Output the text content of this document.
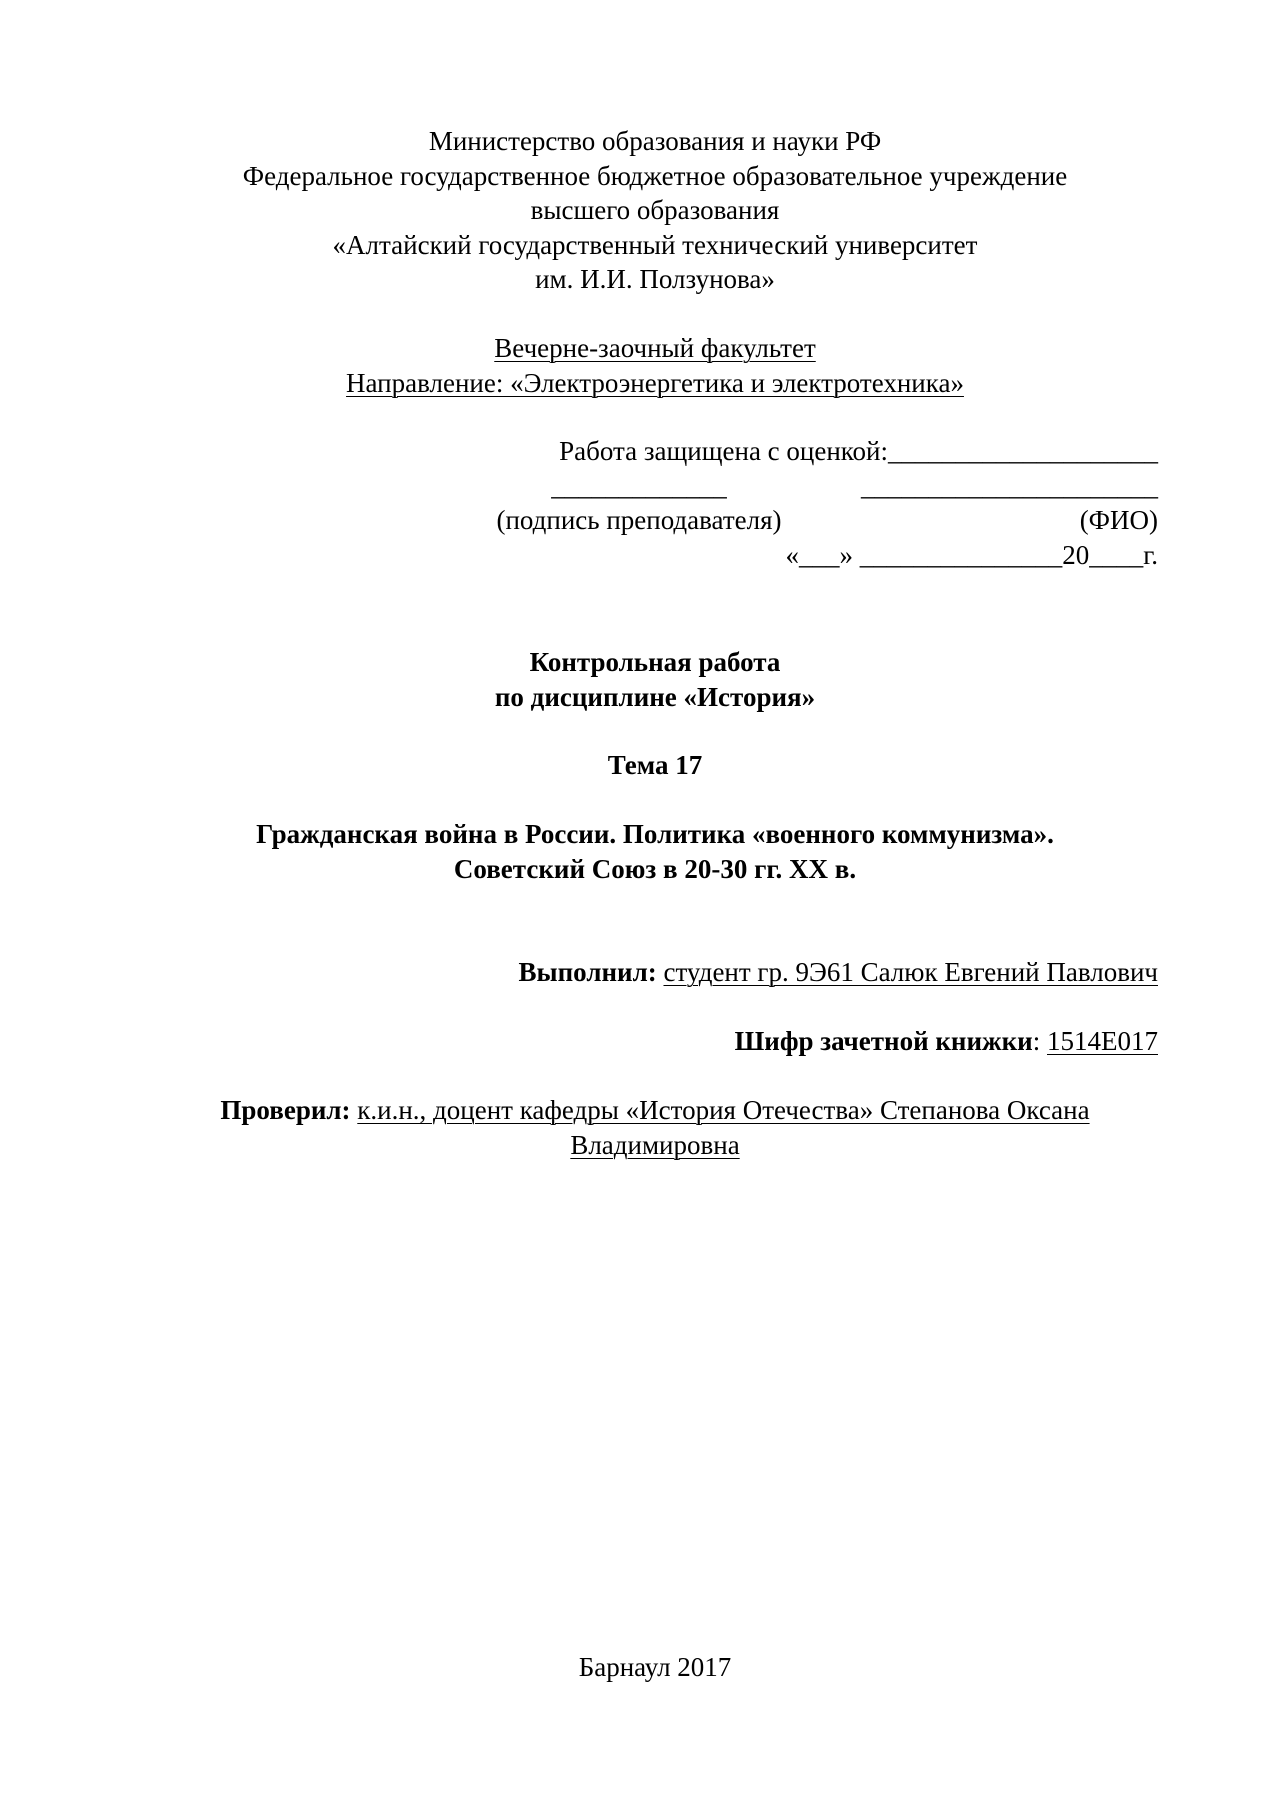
Министерство образования и науки РФ
Федеральное государственное бюджетное образовательное учреждение
высшего образования
«Алтайский государственный технический университет
им. И.И. Ползунова»
Вечерне-заочный факультет
Направление: «Электроэнергетика и электротехника»
Работа защищена с оценкой:____________________
_____________	______________________
(подпись преподавателя)	(ФИО)
«___» _______________20____г.
Контрольная работа
по дисциплине «История»
Тема 17
Гражданская война в России. Политика «военного коммунизма».
Советский Союз в 20-30 гг. XX в.
Выполнил: студент гр. 9Э61 Салюк Евгений Павлович
Шифр зачетной книжки: 1514Е017
Проверил: к.и.н., доцент кафедры «История Отечества» Степанова Оксана
Владимировна
Барнаул 2017
